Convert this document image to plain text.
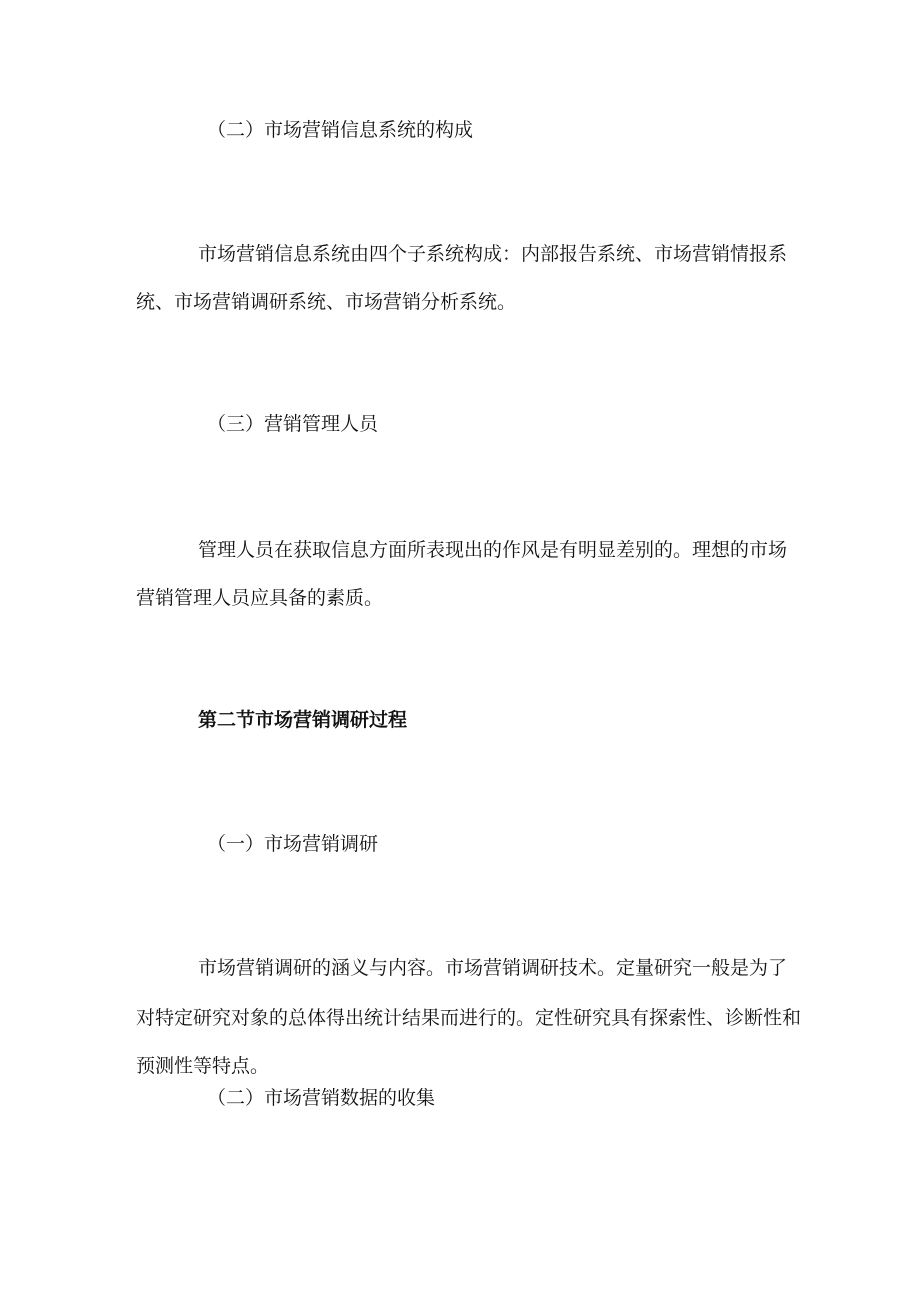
（二）市场营销信息系统的构成
市场营销信息系统由四个子系统构成：内部报告系统、市场营销情报系
统、市场营销调研系统、市场营销分析系统。
（三）营销管理人员
管理人员在获取信息方面所表现出的作风是有明显差别的。理想的市场
营销管理人员应具备的素质。
第二节市场营销调研过程
（一）市场营销调研
市场营销调研的涵义与内容。市场营销调研技术。定量研究一般是为了
对特定研究对象的总体得出统计结果而进行的。定性研究具有探索性、诊断性和
预测性等特点。
（二）市场营销数据的收集
